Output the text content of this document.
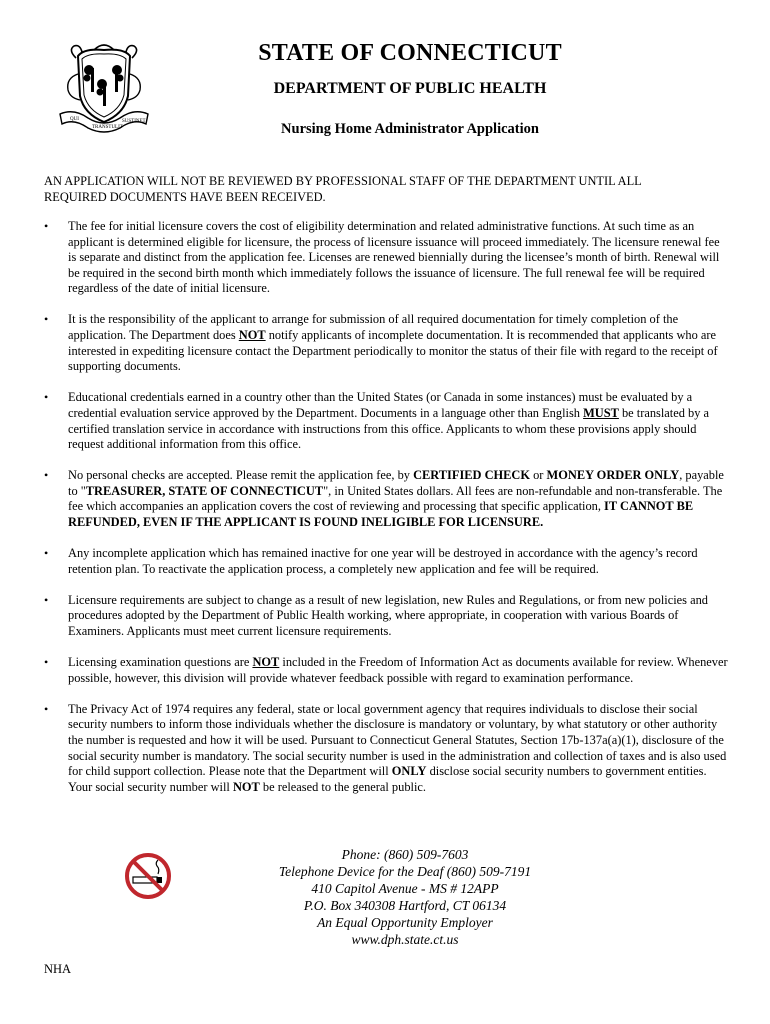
QUI
TRANSTULIT
SUSTINET
STATE OF CONNECTICUT
DEPARTMENT OF PUBLIC HEALTH
Nursing Home Administrator Application

AN APPLICATION WILL NOT BE REVIEWED BY PROFESSIONAL STAFF OF THE DEPARTMENT UNTIL ALL REQUIRED DOCUMENTS HAVE BEEN RECEIVED.

• The fee for initial licensure covers the cost of eligibility determination and related administrative functions. At such time as an applicant is determined eligible for licensure, the process of licensure issuance will proceed immediately. The licensure renewal fee is separate and distinct from the application fee. Licenses are renewed biennially during the licensee’s month of birth. Renewal will be required in the second birth month which immediately follows the issuance of licensure. The full renewal fee will be required regardless of the date of initial licensure.
• It is the responsibility of the applicant to arrange for submission of all required documentation for timely completion of the application. The Department does NOT notify applicants of incomplete documentation. It is recommended that applicants who are interested in expediting licensure contact the Department periodically to monitor the status of their file with regard to the receipt of supporting documents.
• Educational credentials earned in a country other than the United States (or Canada in some instances) must be evaluated by a credential evaluation service approved by the Department. Documents in a language other than English MUST be translated by a certified translation service in accordance with instructions from this office. Applicants to whom these provisions apply should request additional information from this office.
• No personal checks are accepted. Please remit the application fee, by CERTIFIED CHECK or MONEY ORDER ONLY, payable to "TREASURER, STATE OF CONNECTICUT", in United States dollars. All fees are non-refundable and non-transferable. The fee which accompanies an application covers the cost of reviewing and processing that specific application, IT CANNOT BE REFUNDED, EVEN IF THE APPLICANT IS FOUND INELIGIBLE FOR LICENSURE.
• Any incomplete application which has remained inactive for one year will be destroyed in accordance with the agency’s record retention plan. To reactivate the application process, a completely new application and fee will be required.
• Licensure requirements are subject to change as a result of new legislation, new Rules and Regulations, or from new policies and procedures adopted by the Department of Public Health working, where appropriate, in cooperation with various Boards of Examiners. Applicants must meet current licensure requirements.
• Licensing examination questions are NOT included in the Freedom of Information Act as documents available for review. Whenever possible, however, this division will provide whatever feedback possible with regard to examination performance.
• The Privacy Act of 1974 requires any federal, state or local government agency that requires individuals to disclose their social security numbers to inform those individuals whether the disclosure is mandatory or voluntary, by what statutory or other authority the number is requested and how it will be used. Pursuant to Connecticut General Statutes, Section 17b-137a(a)(1), disclosure of the social security number is mandatory. The social security number is used in the administration and collection of taxes and is also used for child support collection. Please note that the Department will ONLY disclose social security numbers to government entities. Your social security number will NOT be released to the general public.
Phone: (860) 509-7603
Telephone Device for the Deaf (860) 509-7191
410 Capitol Avenue - MS # 12APP
P.O. Box 340308 Hartford, CT 06134
An Equal Opportunity Employer
www.dph.state.ct.us
NHA
